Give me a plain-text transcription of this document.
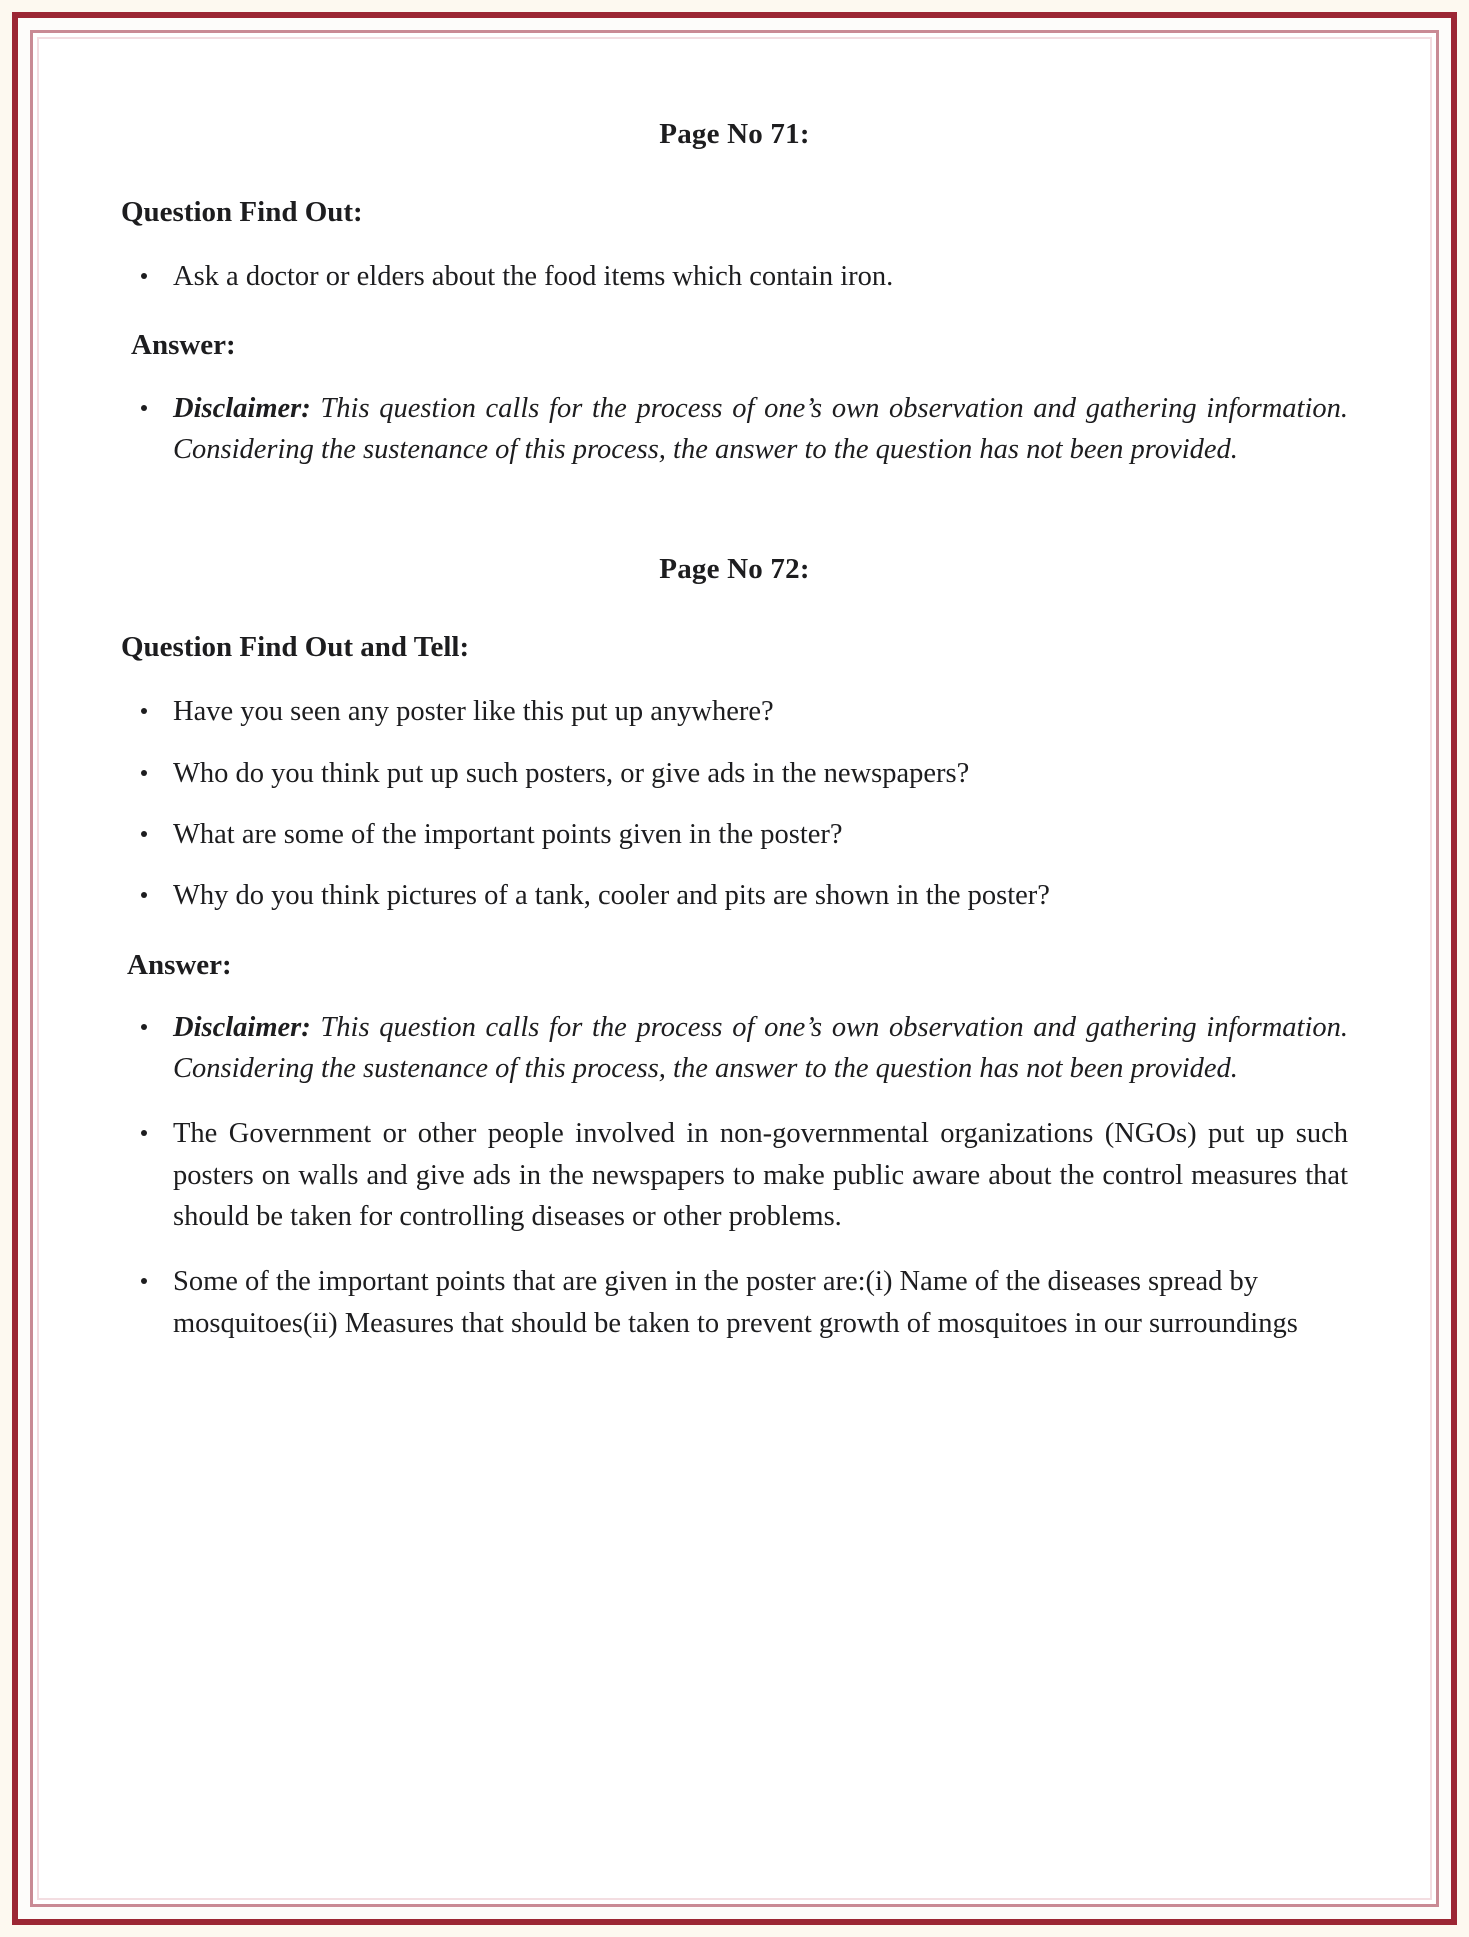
Page No 71:
Question Find Out:
Ask a doctor or elders about the food items which contain iron.
Answer:
Disclaimer: This question calls for the process of one’s own observation and gathering information. Considering the sustenance of this process, the answer to the question has not been provided.
Page No 72:
Question Find Out and Tell:
Have you seen any poster like this put up anywhere?
Who do you think put up such posters, or give ads in the newspapers?
What are some of the important points given in the poster?
Why do you think pictures of a tank, cooler and pits are shown in the poster?
Answer:
Disclaimer: This question calls for the process of one’s own observation and gathering information. Considering the sustenance of this process, the answer to the question has not been provided.
The Government or other people involved in non-governmental organizations (NGOs) put up such posters on walls and give ads in the newspapers to make public aware about the control measures that should be taken for controlling diseases or other problems.
Some of the important points that are given in the poster are:(i) Name of the diseases spread by mosquitoes(ii) Measures that should be taken to prevent growth of mosquitoes in our surroundings
